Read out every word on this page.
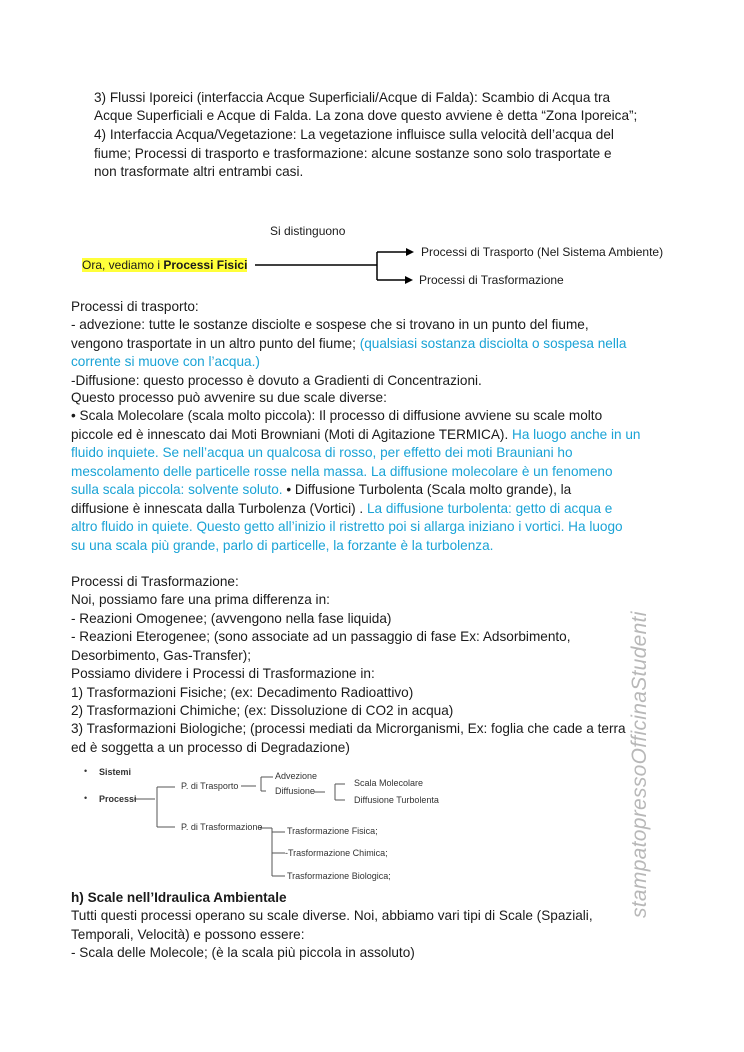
3) Flussi Iporeici (interfaccia Acque Superficiali/Acque di Falda): Scambio di Acqua tra
Acque Superficiali e Acque di Falda. La zona dove questo avviene è detta “Zona Iporeica”;
4) Interfaccia Acqua/Vegetazione: La vegetazione influisce sulla velocità dell’acqua del
fiume; Processi di trasporto e trasformazione: alcune sostanze sono solo trasportate e
non trasformate altri entrambi casi.
Processi di trasporto:
- advezione: tutte le sostanze disciolte e sospese che si trovano in un punto del fiume,
vengono trasportate in un altro punto del fiume; (qualsiasi sostanza disciolta o sospesa nella
corrente si muove con l’acqua.)
-Diffusione: questo processo è dovuto a Gradienti di Concentrazioni.
Questo processo può avvenire su due scale diverse:
• Scala Molecolare (scala molto piccola): Il processo di diffusione avviene su scale molto
piccole ed è innescato dai Moti Browniani (Moti di Agitazione TERMICA). Ha luogo anche in un
fluido inquiete. Se nell’acqua un qualcosa di rosso, per effetto dei moti Brauniani ho
mescolamento delle particelle rosse nella massa. La diffusione molecolare è un fenomeno
sulla scala piccola: solvente soluto. • Diffusione Turbolenta (Scala molto grande), la
diffusione è innescata dalla Turbolenza (Vortici) . La diffusione turbolenta: getto di acqua e
altro fluido in quiete. Questo getto all’inizio il ristretto poi si allarga iniziano i vortici. Ha luogo
su una scala più grande, parlo di particelle, la forzante è la turbolenza.
Processi di Trasformazione:
Noi, possiamo fare una prima differenza in:
- Reazioni Omogenee; (avvengono nella fase liquida)
- Reazioni Eterogenee; (sono associate ad un passaggio di fase Ex: Adsorbimento,
Desorbimento, Gas-Transfer);
Possiamo dividere i Processi di Trasformazione in:
1) Trasformazioni Fisiche; (ex: Decadimento Radioattivo)
2) Trasformazioni Chimiche; (ex: Dissoluzione di CO2 in acqua)
3) Trasformazioni Biologiche; (processi mediati da Microrganismi, Ex: foglia che cade a terra
ed è soggetta a un processo di Degradazione)
h) Scale nell’Idraulica Ambientale
Tutti questi processi operano su scale diverse. Noi, abbiamo vari tipi di Scale (Spaziali,
Temporali, Velocità) e possono essere:
- Scala delle Molecole; (è la scala più piccola in assoluto)
Ora, vediamo i Processi Fisici
Si distinguono
Processi di Trasporto (Nel Sistema Ambiente)
Processi di Trasformazione
• Sistemi
• Processi
P. di Trasporto
Advezione
Diffusione
Scala Molecolare
Diffusione Turbolenta
P. di Trasformazione	Trasformazione Fisica;
-Trasformazione Chimica;
Trasformazione Biologica;	stampatopressoOfficinaStudenti
